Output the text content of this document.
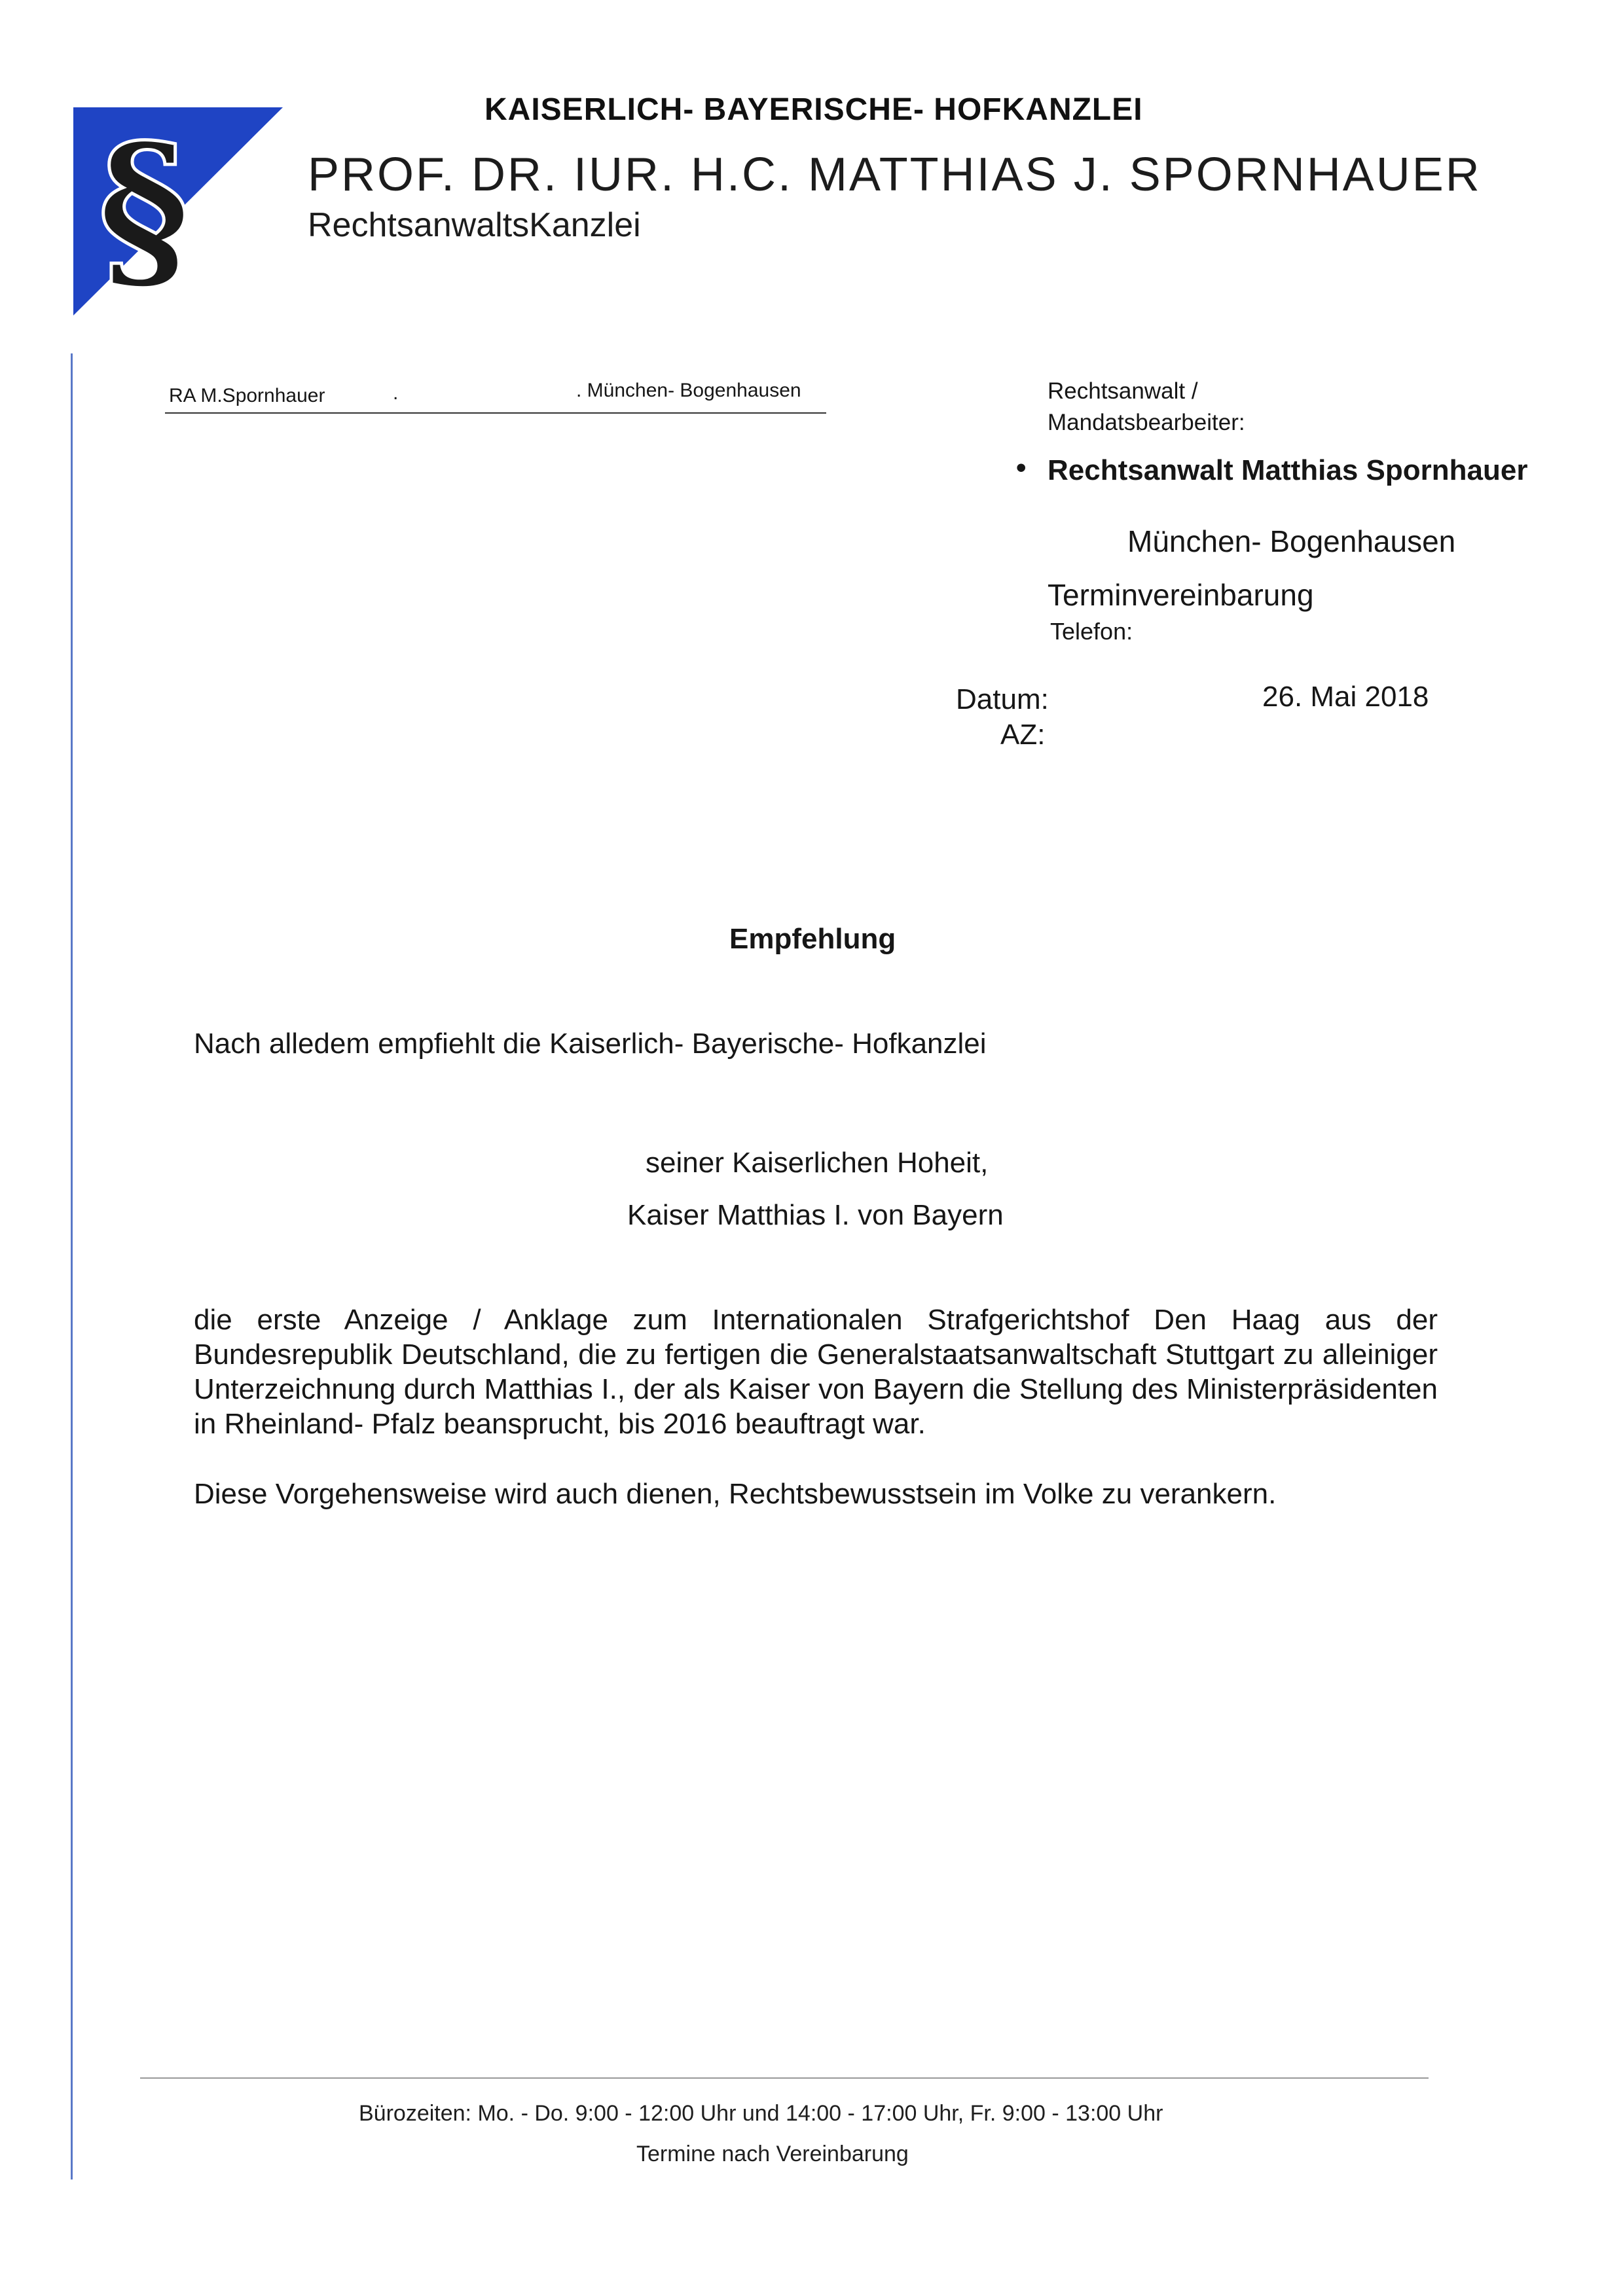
§	KAISERLICH- BAYERISCHE- HOFKANZLEI
PROF. DR. IUR. H.C. MATTHIAS J. SPORNHAUER
RechtsanwaltsKanzlei
RA M.Spornhauer	.	. München- Bogenhausen	Rechtsanwalt /
Mandatsbearbeiter:
• Rechtsanwalt Matthias Spornhauer
München- Bogenhausen
Terminvereinbarung
Telefon:
Datum:	26. Mai 2018
AZ:
Empfehlung
Nach alledem empfiehlt die Kaiserlich- Bayerische- Hofkanzlei
seiner Kaiserlichen Hoheit,
Kaiser Matthias I. von Bayern
die erste Anzeige / Anklage zum Internationalen Strafgerichtshof Den Haag aus der Bundesrepublik Deutschland, die zu fertigen die Generalstaatsanwaltschaft Stuttgart zu alleiniger Unterzeichnung durch Matthias I., der als Kaiser von Bayern die Stellung des Ministerpräsidenten in Rheinland- Pfalz beansprucht, bis 2016 beauftragt war.
Diese Vorgehensweise wird auch dienen, Rechtsbewusstsein im Volke zu verankern.
Bürozeiten: Mo. - Do. 9:00 - 12:00 Uhr und 14:00 - 17:00 Uhr, Fr. 9:00 - 13:00 Uhr
Termine nach Vereinbarung
